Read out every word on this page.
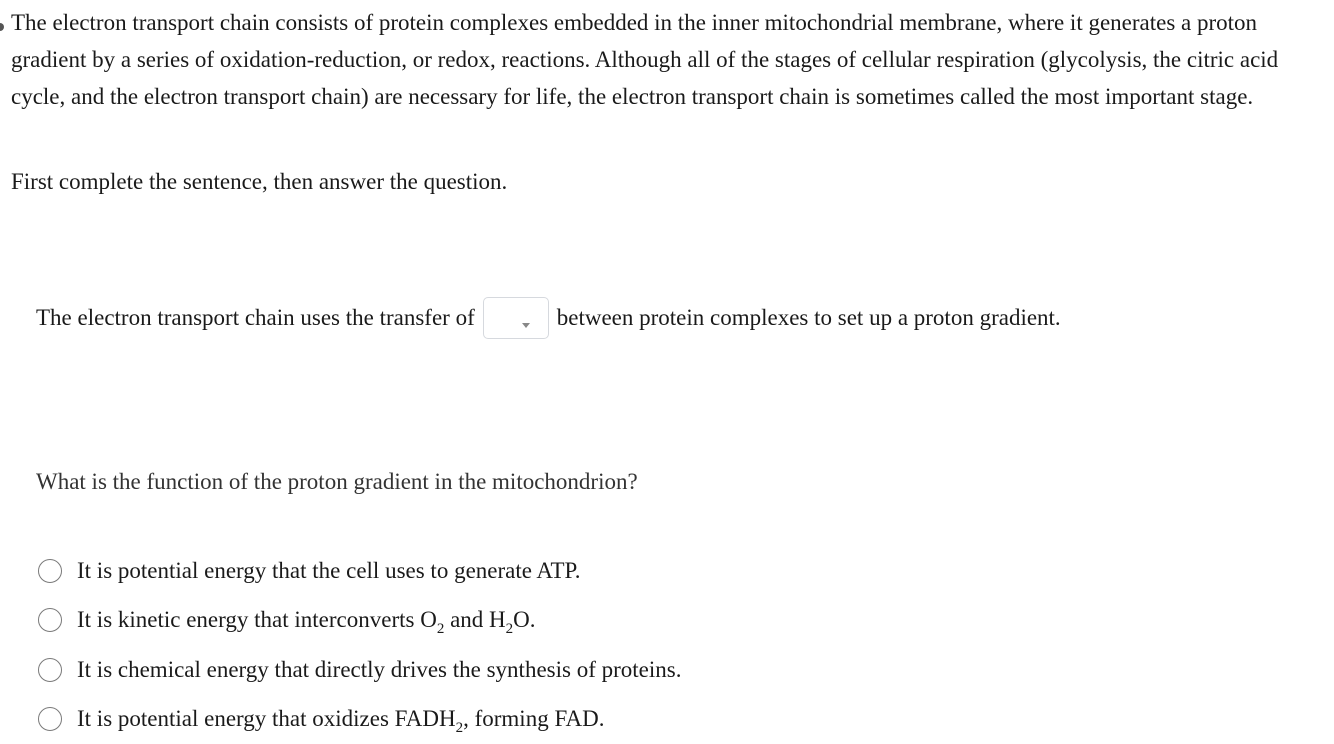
The electron transport chain consists of protein complexes embedded in the inner mitochondrial membrane, where it generates a proton gradient by a series of oxidation-reduction, or redox, reactions. Although all of the stages of cellular respiration (glycolysis, the citric acid cycle, and the electron transport chain) are necessary for life, the electron transport chain is sometimes called the most important stage.

First complete the sentence, then answer the question.

The electron transport chain uses the transfer of	between protein complexes to set up a proton gradient.

What is the function of the proton gradient in the mitochondrion?

It is potential energy that the cell uses to generate ATP.
It is kinetic energy that interconverts $O_2$ and $H_2O$.
It is chemical energy that directly drives the synthesis of proteins.
It is potential energy that oxidizes $FADH_2$, forming FAD.
